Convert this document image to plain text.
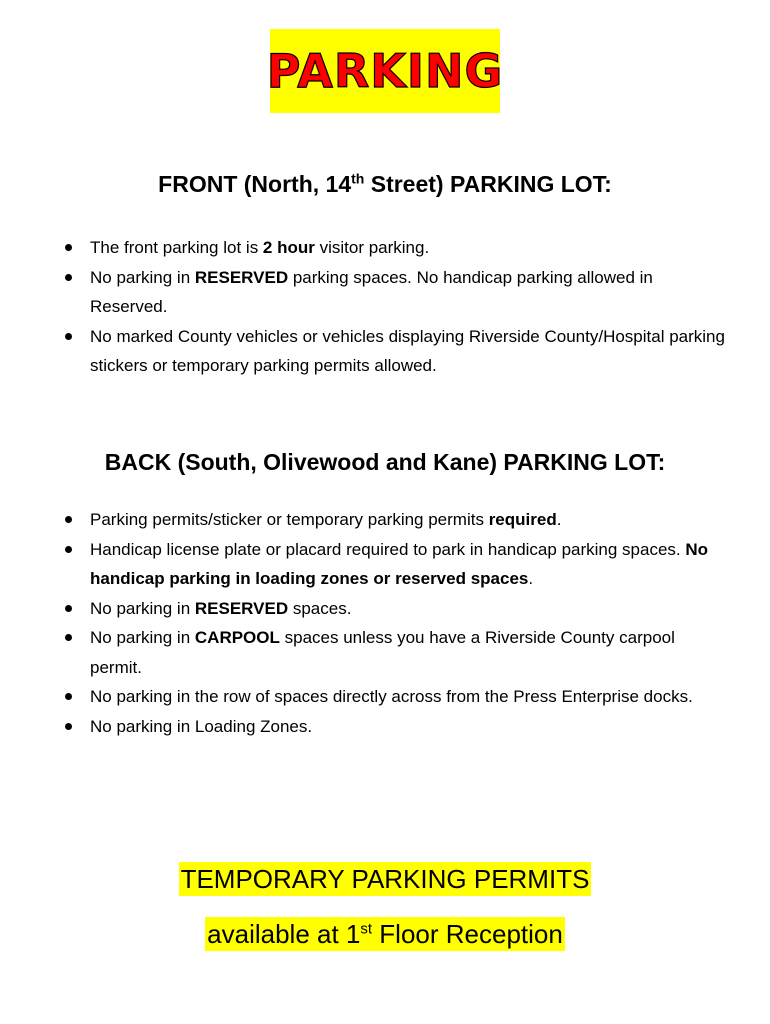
PARKING
FRONT (North, 14th Street) PARKING LOT:
The front parking lot is 2 hour visitor parking.
No parking in RESERVED parking spaces. No handicap parking allowed in Reserved.
No marked County vehicles or vehicles displaying Riverside County/Hospital parking stickers or temporary parking permits allowed.
BACK (South, Olivewood and Kane) PARKING LOT:
Parking permits/sticker or temporary parking permits required.
Handicap license plate or placard required to park in handicap parking spaces. No handicap parking in loading zones or reserved spaces.
No parking in RESERVED spaces.
No parking in CARPOOL spaces unless you have a Riverside County carpool permit.
No parking in the row of spaces directly across from the Press Enterprise docks.
No parking in Loading Zones.
TEMPORARY PARKING PERMITS
available at 1st Floor Reception
